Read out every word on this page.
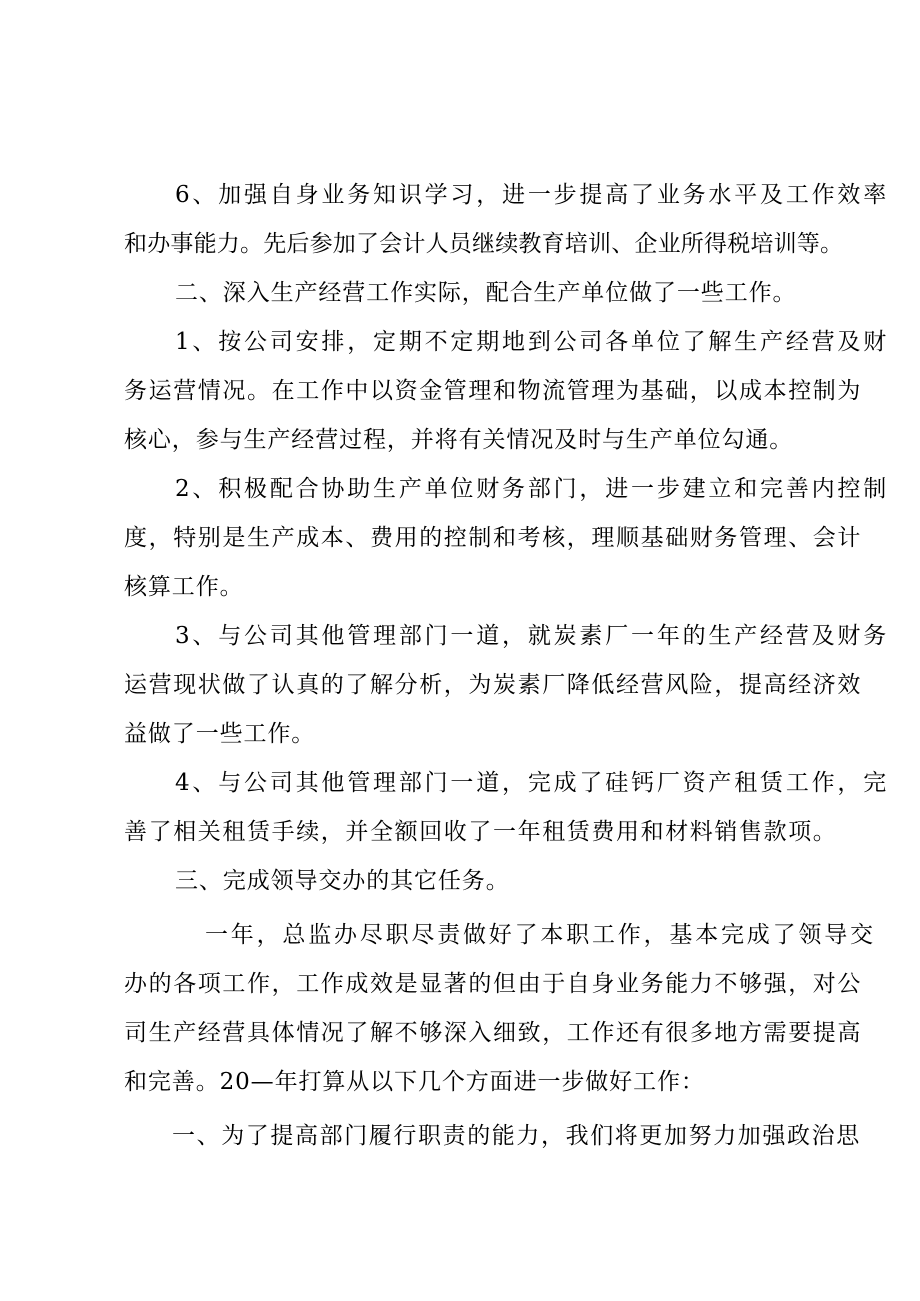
6、加强自身业务知识学习，进一步提高了业务水平及工作效率
和办事能力。先后参加了会计人员继续教育培训、企业所得税培训等。
二、深入生产经营工作实际，配合生产单位做了一些工作。
1、按公司安排，定期不定期地到公司各单位了解生产经营及财
务运营情况。在工作中以资金管理和物流管理为基础，以成本控制为
核心，参与生产经营过程，并将有关情况及时与生产单位勾通。
2、积极配合协助生产单位财务部门，进一步建立和完善内控制
度，特别是生产成本、费用的控制和考核，理顺基础财务管理、会计
核算工作。
3、与公司其他管理部门一道，就炭素厂一年的生产经营及财务
运营现状做了认真的了解分析，为炭素厂降低经营风险，提高经济效
益做了一些工作。
4、与公司其他管理部门一道，完成了硅钙厂资产租赁工作，完
善了相关租赁手续，并全额回收了一年租赁费用和材料销售款项。
三、完成领导交办的其它任务。
一年，总监办尽职尽责做好了本职工作，基本完成了领导交
办的各项工作，工作成效是显著的但由于自身业务能力不够强，对公
司生产经营具体情况了解不够深入细致，工作还有很多地方需要提高
和完善。20—年打算从以下几个方面进一步做好工作：
一、为了提高部门履行职责的能力，我们将更加努力加强政治思
